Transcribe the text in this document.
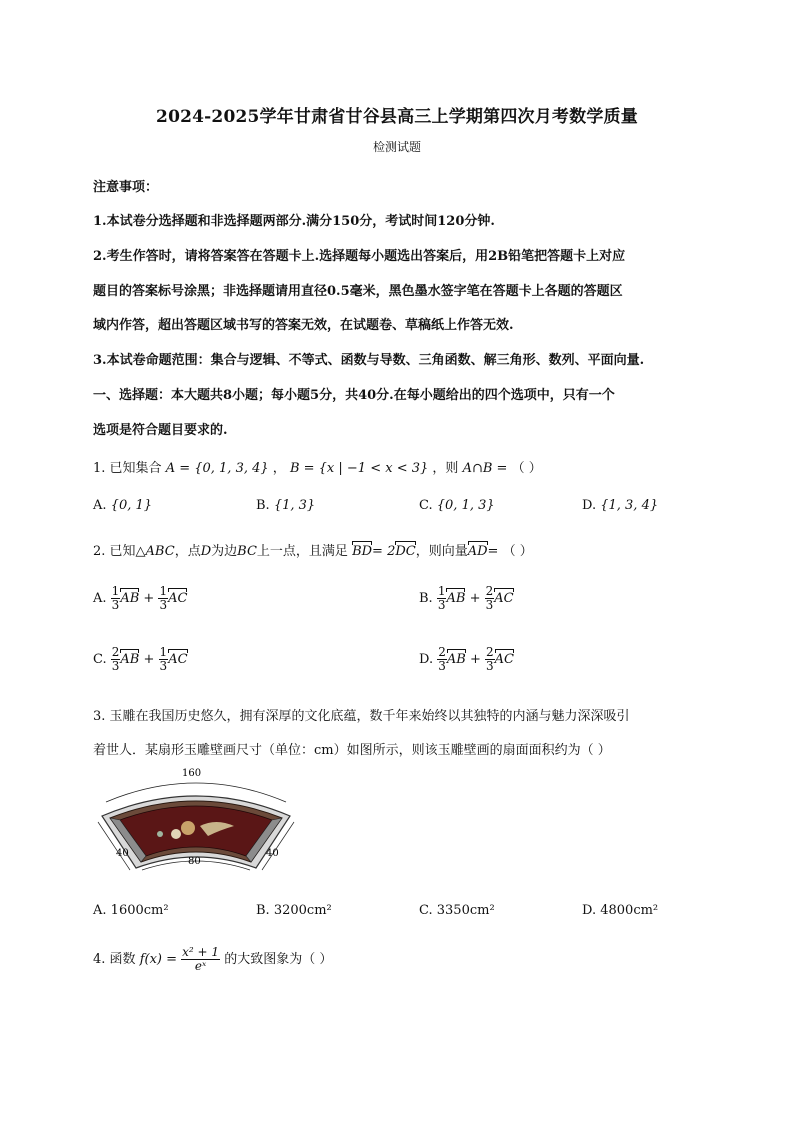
2024-2025学年甘肃省甘谷县高三上学期第四次月考数学质量
检测试题
注意事项：
1.本试卷分选择题和非选择题两部分.满分150分，考试时间120分钟.
2.考生作答时，请将答案答在答题卡上.选择题每小题选出答案后，用2B铅笔把答题卡上对应
题目的答案标号涂黑；非选择题请用直径0.5毫米，黑色墨水签字笔在答题卡上各题的答题区
域内作答，超出答题区域书写的答案无效，在试题卷、草稿纸上作答无效.
3.本试卷命题范围：集合与逻辑、不等式、函数与导数、三角函数、解三角形、数列、平面向量.
一、选择题：本大题共8小题；每小题5分，共40分.在每小题给出的四个选项中，只有一个
选项是符合题目要求的.
1. 已知集合 A = {0, 1, 3, 4} ， B = {x | −1 < x < 3} ，则 A∩B = （ ）
A. {0, 1}	B. {1, 3}	C. {0, 1, 3}	D. {1, 3, 4}
2. 已知△ABC，点D为边BC上一点，且满足 BD= 2DC，则向量AD= （ ）
A. $\frac{1}{3}$ AB + $\frac{1}{3}$ AC	B. $\frac{1}{3}$ AB + $\frac{2}{3}$ AC
C. $\frac{2}{3}$ AB + $\frac{1}{3}$ AC	D. $\frac{2}{3}$ AB + $\frac{2}{3}$ AC
3. 玉雕在我国历史悠久，拥有深厚的文化底蕴，数千年来始终以其独特的内涵与魅力深深吸引
着世人．某扇形玉雕壁画尺寸（单位：cm）如图所示，则该玉雕壁画的扇面面积约为（ ）
160
40	40
80
A. 1600cm²	B. 3200cm²	C. 3350cm²	D. 4800cm²
4. 函数 $f(x) = \frac{\text{x² + 1}}{\text{eˣ}}$ 的大致图象为（ ）
